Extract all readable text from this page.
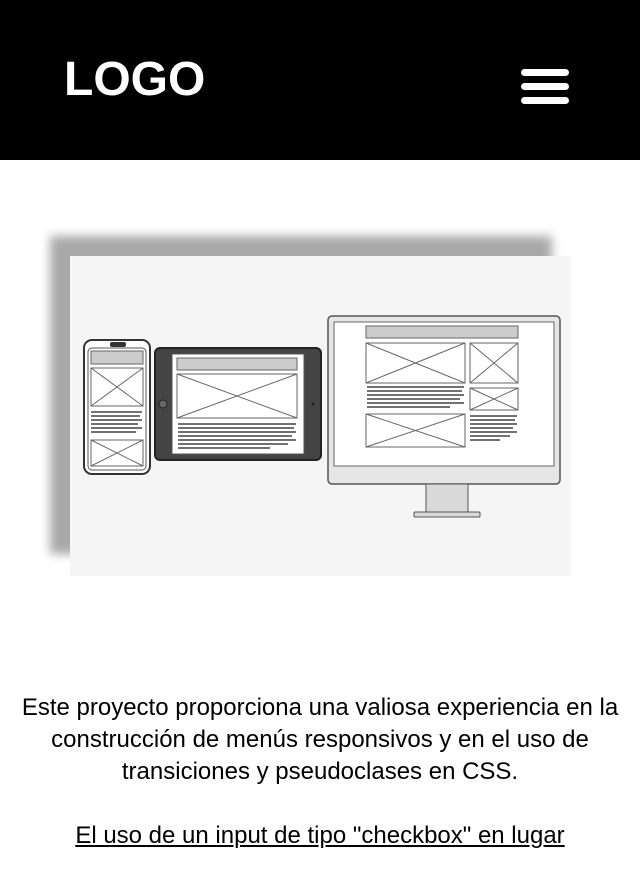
LOGO

Este proyecto proporciona una valiosa experiencia en la construcción de menús responsivos y en el uso de transiciones y pseudoclases en CSS.

El uso de un input de tipo "checkbox" en lugar
